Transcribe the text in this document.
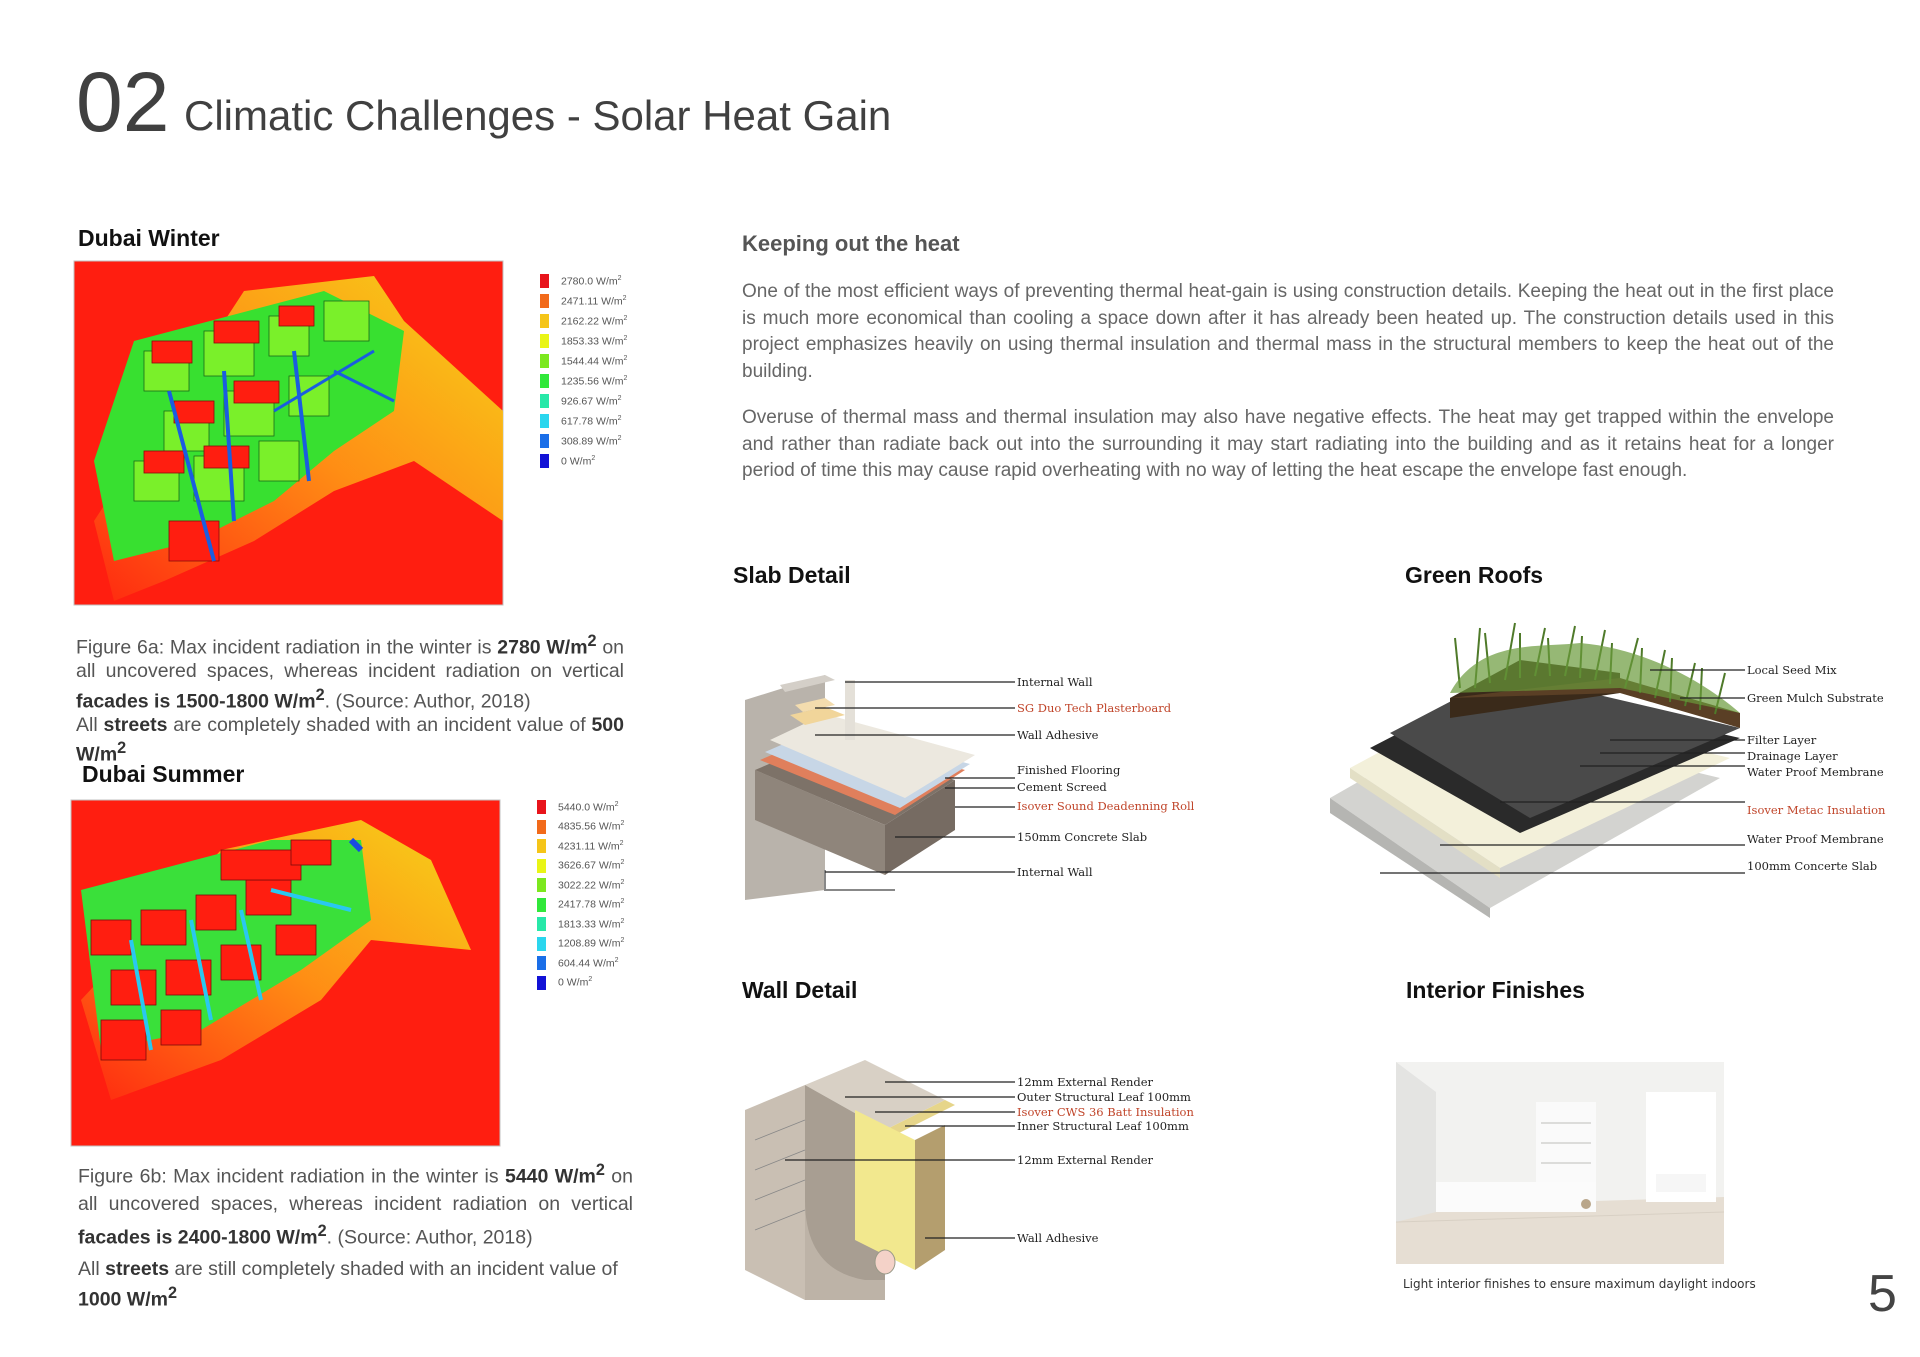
02 Climatic Challenges - Solar Heat Gain
Dubai Winter
2780.0 $W/m^2$
2471.11 $W/m^2$
2162.22 $W/m^2$
1853.33 $W/m^2$
1544.44 $W/m^2$
1235.56 $W/m^2$
926.67 $W/m^2$
617.78 $W/m^2$
308.89 $W/m^2$
0 $W/m^2$
Figure 6a: Max incident radiation in the winter is 2780 $W/m^2$ on all uncovered spaces, whereas incident radiation on vertical facades is 1500-1800 $W/m^2$. (Source: Author, 2018)
All streets are completely shaded with an incident value of 500 $W/m^2$
Dubai Summer
5440.0 $W/m^2$
4835.56 $W/m^2$
4231.11 $W/m^2$
3626.67 $W/m^2$
3022.22 $W/m^2$
2417.78 $W/m^2$
1813.33 $W/m^2$
1208.89 $W/m^2$
604.44 $W/m^2$
0 $W/m^2$
Figure 6b: Max incident radiation in the winter is 5440 $W/m^2$ on all uncovered spaces, whereas incident radiation on vertical facades is 2400-1800 $W/m^2$. (Source: Author, 2018)
All streets are still completely shaded with an incident value of
1000 $W/m^2$
Keeping out the heat

One of the most efficient ways of preventing thermal heat-gain is using construction details. Keeping the heat out in the first place is much more economical than cooling a space down after it has already been heated up. The construction details used in this project emphasizes heavily on using thermal insulation and thermal mass in the structural members to keep the heat out of the building.

Overuse of thermal mass and thermal insulation may also have negative effects. The heat may get trapped within the envelope and rather than radiate back out into the surrounding it may start radiating into the building and as it retains heat for a longer period of time this may cause rapid overheating with no way of letting the heat escape the envelope fast enough.

Slab Detail
Internal Wall
SG Duo Tech Plasterboard
Wall Adhesive
Finished Flooring
Cement Screed
Isover Sound Deadenning Roll
150mm Concrete Slab
Internal Wall
Green Roofs
Local Seed Mix
Green Mulch Substrate
Filter Layer
Drainage Layer
Water Proof Membrane
Isover Metac Insulation
Water Proof Membrane
100mm Concerte Slab
Wall Detail
12mm External Render
Outer Structural Leaf 100mm
Isover CWS 36 Batt Insulation
Inner Structural Leaf 100mm
12mm External Render
Wall Adhesive
Interior Finishes
Light interior finishes to ensure maximum daylight indoors 5
